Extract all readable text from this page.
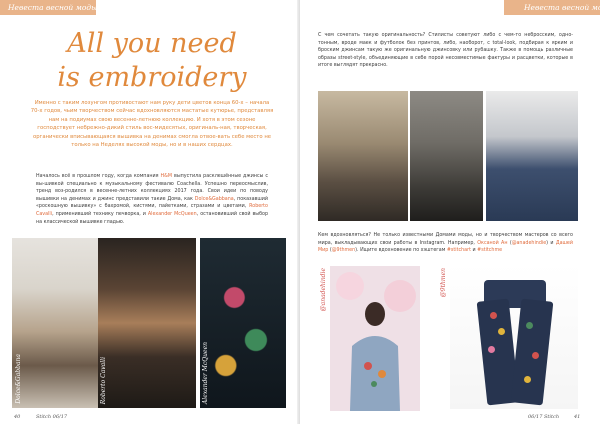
Невеста весной моды
All you need
is embroidery

Именно с таким лозунгом противостают нам руку дети цветов конца 60-х – начала 70-х годов, чьим творчеством сейчас вдохновляются мастатые кутюрье, представляя нам на подиумах свою весенне-летнюю коллекцию. И хотя в этом сезоне господствует небрежно-дикий стиль вос-мидесятых, оригиналь-ная, творческая, органически вписывающаяся вышивка на денимах смогла отвое-вать себе место не только на Неделях высокой моды, но и в наших сердцах.

Началось всё в прошлом году, когда компания H&M выпустила расклешённые джинсы с вы-шивкой специально к музыкальному фестивалю Coachella. Успешно переосмыслив, тренд воз-родился в весенне-летних коллекциях 2017 года. Свои идеи по поводу вышивки на денимах и джинс представили такие Дома, как Dolce&Gabbana, показавший «роскошную вышивку» с бахромой, кистями, пайетками, стразами и цветами, Roberto Cavalli, применивший технику печворка, и Alexander McQueen, остановивший свой выбор на классической вышивке гладью.

Dolce&Gabbana	Roberto Cavalli	Alexander McQueen
40	Stitch 06/17
Невеста весной моды

С чем сочетать такую оригинальность? Стилисты советуют либо с чем-то небросским, одно-тонным, вроде маек и футболок без принтов, либо, наоборот, с total-look, подбирая к ярким и броским джинсам такую же оригинальную джинсовку или рубашку. Также в помощь различные образы street-style, объединяющие в себе порой несовместимые фактуры и расцветки, которые в итоге выглядят прекрасно.

Кем вдохновляться? Не только известными Домами моды, но и творчеством мастеров со всего мира, выкладывающих свои работы в Instagram. Например, Оксаной Ан (@anadehindie) и Дашей Мир (@9thmen). Ищите вдохновение по хэштегам #stitchart и #stitchme

@anadehindie	@9thmen
06/17 Stitch	41
